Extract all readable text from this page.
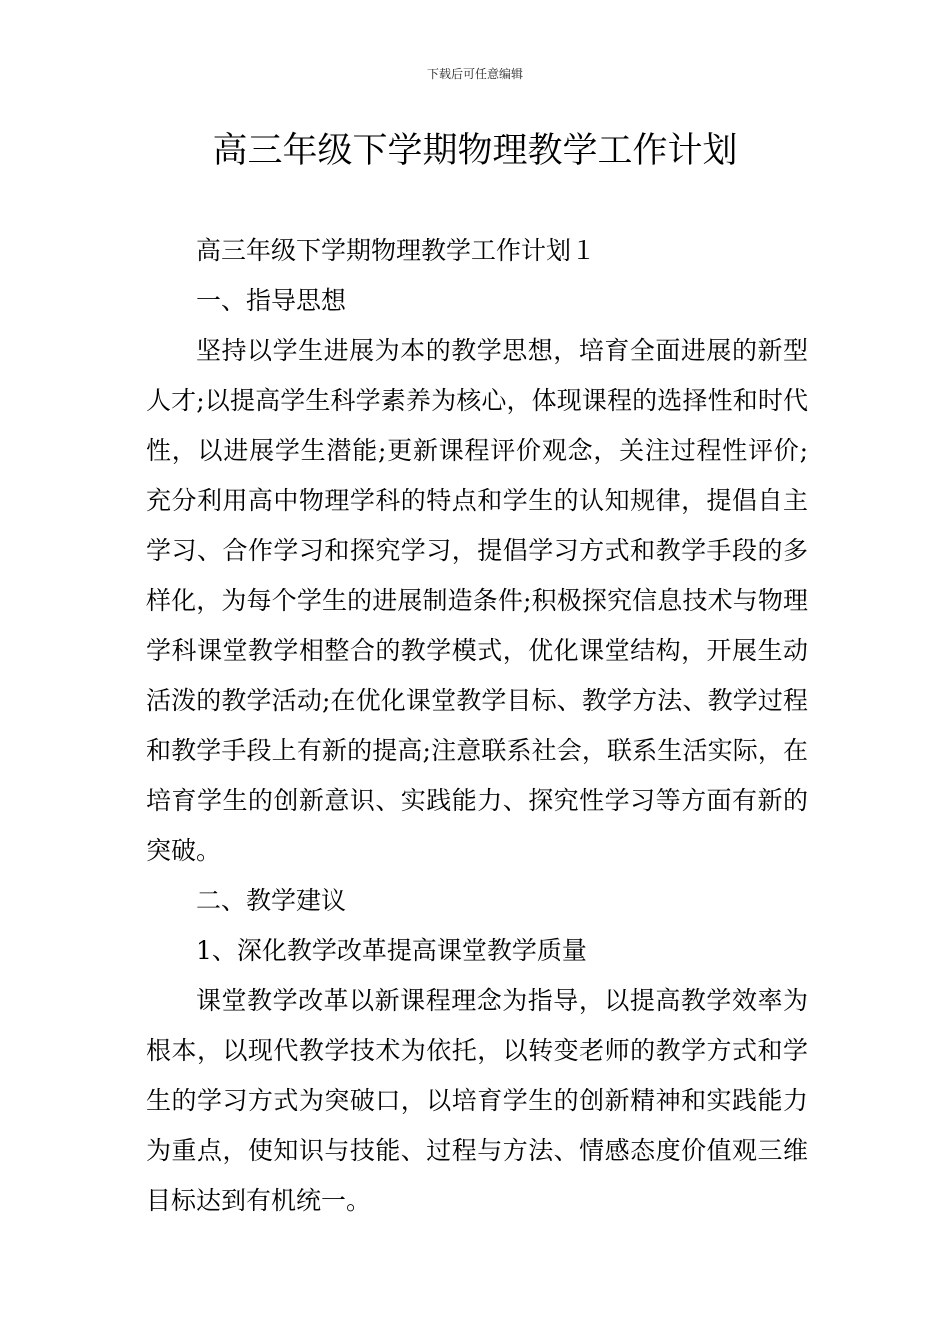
下载后可任意编辑
高三年级下学期物理教学工作计划

高三年级下学期物理教学工作计划１

一、指导思想

坚持以学生进展为本的教学思想，培育全面进展的新型人才;以提高学生科学素养为核心，体现课程的选择性和时代性，以进展学生潜能;更新课程评价观念，关注过程性评价;充分利用高中物理学科的特点和学生的认知规律，提倡自主学习、合作学习和探究学习，提倡学习方式和教学手段的多样化，为每个学生的进展制造条件;积极探究信息技术与物理学科课堂教学相整合的教学模式，优化课堂结构，开展生动活泼的教学活动;在优化课堂教学目标、教学方法、教学过程和教学手段上有新的提高;注意联系社会，联系生活实际，在培育学生的创新意识、实践能力、探究性学习等方面有新的突破。

二、教学建议

1、深化教学改革提高课堂教学质量

课堂教学改革以新课程理念为指导，以提高教学效率为根本，以现代教学技术为依托，以转变老师的教学方式和学生的学习方式为突破口，以培育学生的创新精神和实践能力为重点，使知识与技能、过程与方法、情感态度价值观三维目标达到有机统一。
